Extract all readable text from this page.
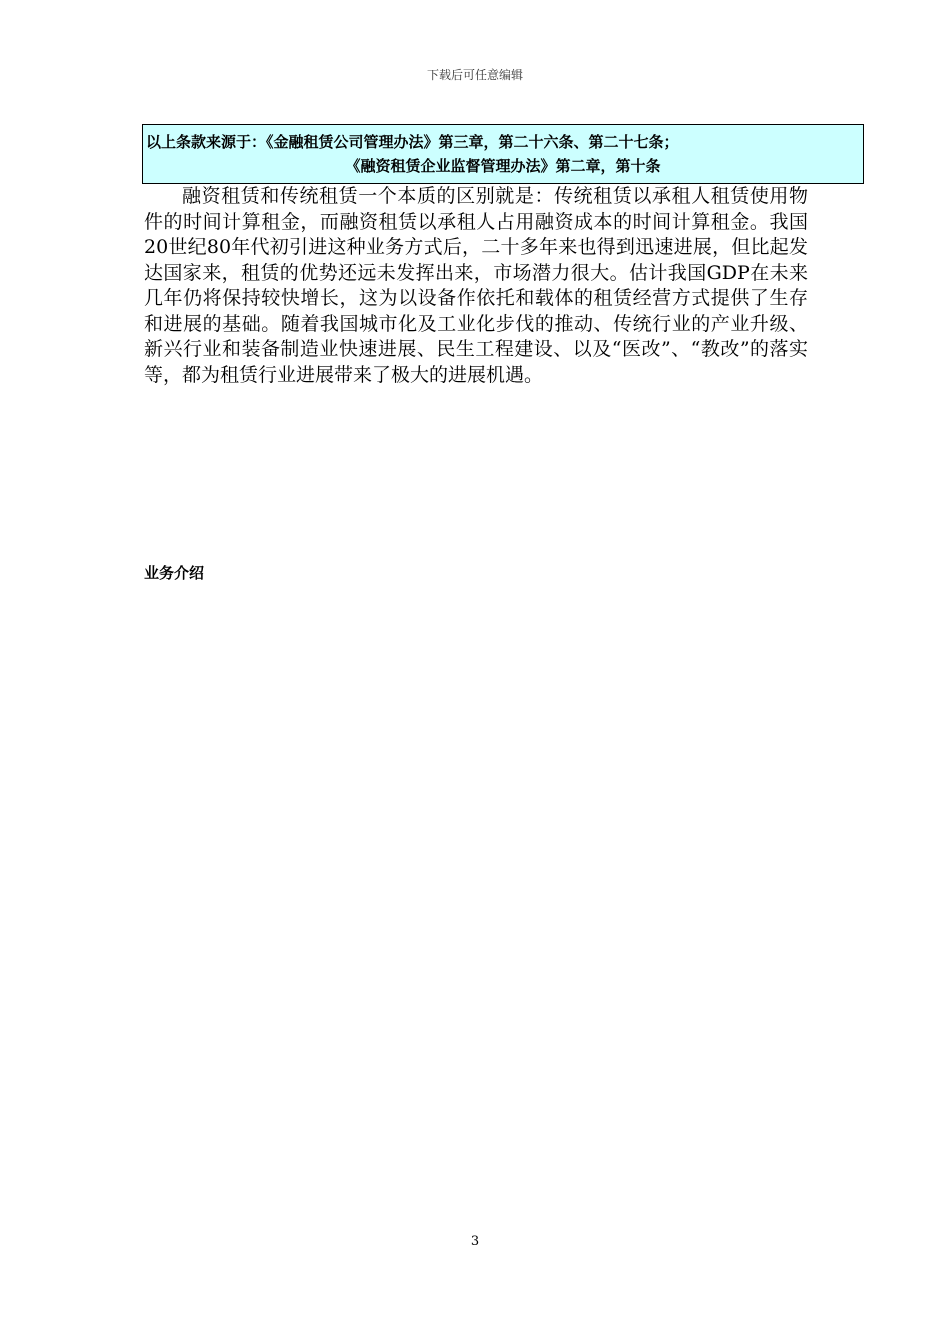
下载后可任意编辑
以上条款来源于：《金融租赁公司管理办法》第三章，第二十六条、第二十七条；
《融资租赁企业监督管理办法》第二章，第十条

融资租赁和传统租赁一个本质的区别就是：传统租赁以承租人租赁使用物件的时间计算租金，而融资租赁以承租人占用融资成本的时间计算租金。我国20世纪80年代初引进这种业务方式后，二十多年来也得到迅速进展，但比起发达国家来，租赁的优势还远未发挥出来，市场潜力很大。估计我国GDP在未来几年仍将保持较快增长，这为以设备作依托和载体的租赁经营方式提供了生存和进展的基础。随着我国城市化及工业化步伐的推动、传统行业的产业升级、新兴行业和装备制造业快速进展、民生工程建设、以及“医改”、“教改”的落实等，都为租赁行业进展带来了极大的进展机遇。

业务介绍
3
